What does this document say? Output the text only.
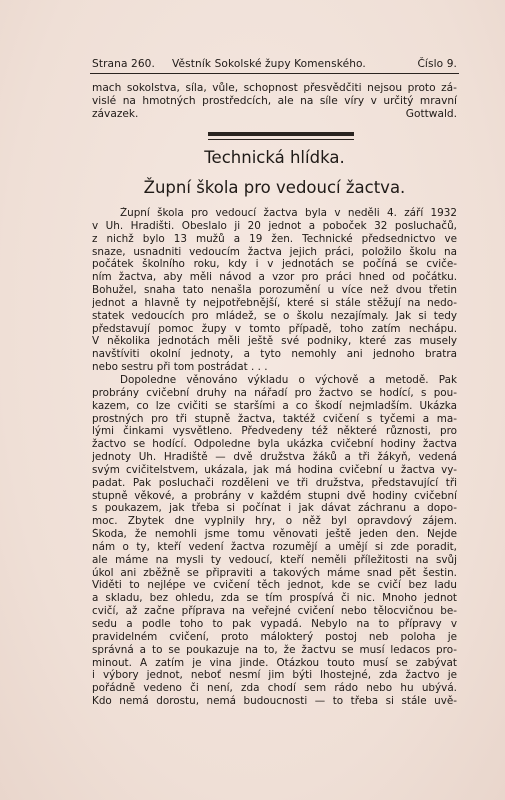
Strana 260. Věstník Sokolské župy Komenského.	Číslo 9.
mach sokolstva, síla, vůle, schopnost přesvědčiti nejsou proto zá-
vislé na hmotných prostředcích, ale na síle víry v určitý mravní
závazek.	Gottwald.
Technická hlídka.
Župní škola pro vedoucí žactva.
Župní škola pro vedoucí žactva byla v neděli 4. září 1932
v Uh. Hradišti. Obeslalo ji 20 jednot a poboček 32 posluchačů,
z nichž bylo 13 mužů a 19 žen. Technické předsednictvo ve
snaze, usnadniti vedoucím žactva jejich práci, položilo školu na
počátek školního roku, kdy i v jednotách se počíná se cviče-
ním žactva, aby měli návod a vzor pro práci hned od počátku.
Bohužel, snaha tato nenašla porozumění u více než dvou třetin
jednot a hlavně ty nejpotřebnější, které si stále stěžují na nedo-
statek vedoucích pro mládež, se o školu nezajímaly. Jak si tedy
představují pomoc župy v tomto případě, toho zatím nechápu.
V několika jednotách měli ještě své podniky, které zas musely
navštíviti okolní jednoty, a tyto nemohly ani jednoho bratra
nebo sestru při tom postrádat . . .
Dopoledne věnováno výkladu o výchově a metodě. Pak
probrány cvičební druhy na nářadí pro žactvo se hodící, s pou-
kazem, co lze cvičiti se staršími a co škodí nejmladším. Ukázka
prostných pro tři stupně žactva, taktéž cvičení s tyčemi a ma-
lými činkami vysvětleno. Předvedeny též některé různosti, pro
žactvo se hodící. Odpoledne byla ukázka cvičební hodiny žactva
jednoty Uh. Hradiště — dvě družstva žáků a tři žákyň, vedená
svým cvičitelstvem, ukázala, jak má hodina cvičební u žactva vy-
padat. Pak posluchači rozděleni ve tři družstva, představující tři
stupně věkové, a probrány v každém stupni dvě hodiny cvičební
s poukazem, jak třeba si počínat i jak dávat záchranu a dopo-
moc. Zbytek dne vyplnily hry, o něž byl opravdový zájem.
Škoda, že nemohli jsme tomu věnovati ještě jeden den. Nejde
nám o ty, kteří vedení žactva rozumějí a umějí si zde poradit,
ale máme na mysli ty vedoucí, kteří neměli příležitosti na svůj
úkol ani zběžně se připraviti a takových máme snad pět šestin.
Viděti to nejlépe ve cvičení těch jednot, kde se cvičí bez ladu
a skladu, bez ohledu, zda se tím prospívá či nic. Mnoho jednot
cvičí, až začne příprava na veřejné cvičení nebo tělocvičnou be-
sedu a podle toho to pak vypadá. Nebylo na to přípravy v
pravidelném cvičení, proto málokterý postoj neb poloha je
správná a to se poukazuje na to, že žactvu se musí ledacos pro-
minout. A zatím je vina jinde. Otázkou touto musí se zabývat
i výbory jednot, neboť nesmí jim býti lhostejné, zda žactvo je
pořádně vedeno či není, zda chodí sem rádo nebo hu ubývá.
Kdo nemá dorostu, nemá budoucnosti — to třeba si stále uvě-
